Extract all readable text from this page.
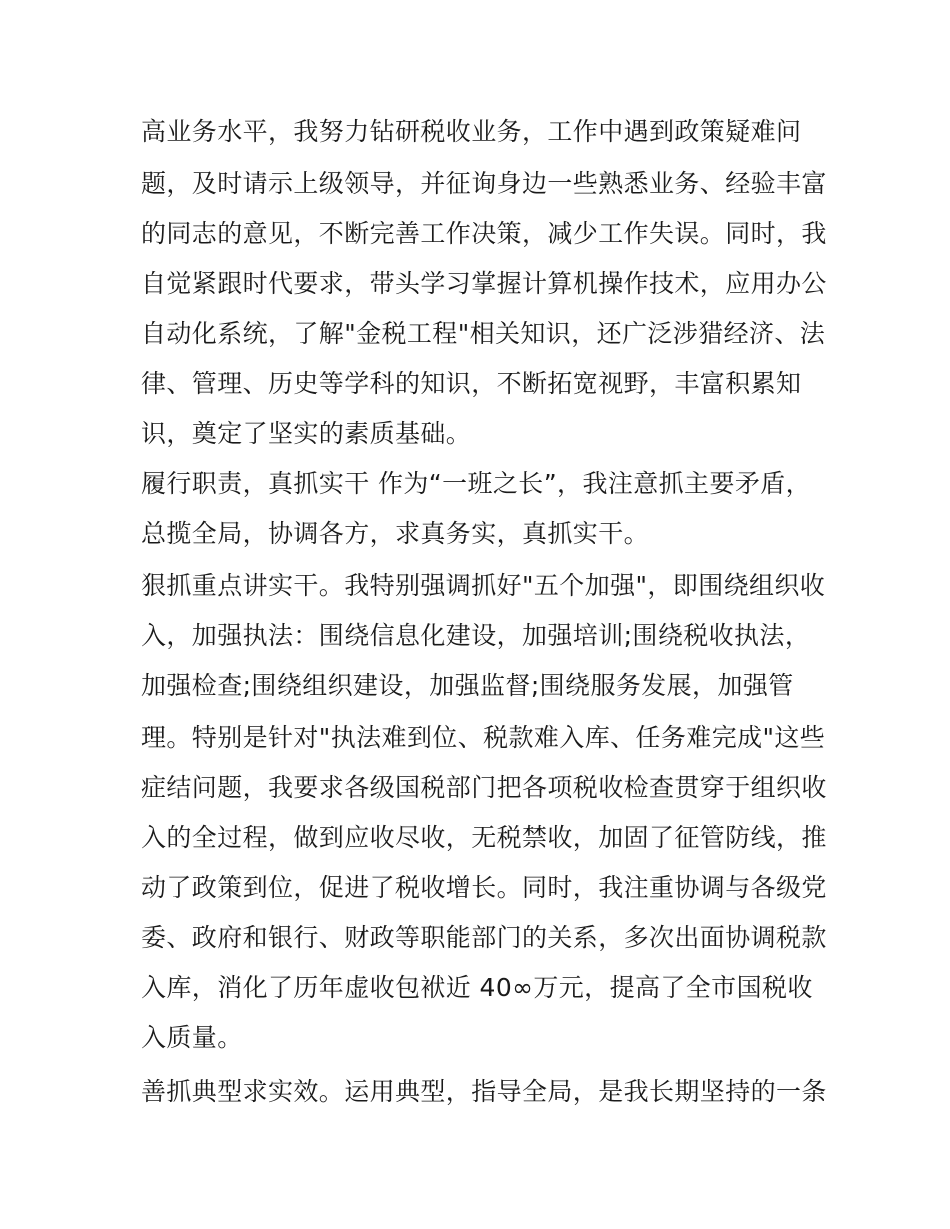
高业务水平，我努力钻研税收业务，工作中遇到政策疑难问
题，及时请示上级领导，并征询身边一些熟悉业务、经验丰富
的同志的意见，不断完善工作决策，减少工作失误。同时，我
自觉紧跟时代要求，带头学习掌握计算机操作技术，应用办公
自动化系统，了解"金税工程"相关知识，还广泛涉猎经济、法
律、管理、历史等学科的知识，不断拓宽视野，丰富积累知
识，奠定了坚实的素质基础。
履行职责，真抓实干 作为“一班之长”，我注意抓主要矛盾，
总揽全局，协调各方，求真务实，真抓实干。
狠抓重点讲实干。我特别强调抓好"五个加强"，即围绕组织收
入，加强执法：围绕信息化建设，加强培训;围绕税收执法，
加强检查;围绕组织建设，加强监督;围绕服务发展，加强管
理。特别是针对"执法难到位、税款难入库、任务难完成"这些
症结问题，我要求各级国税部门把各项税收检查贯穿于组织收
入的全过程，做到应收尽收，无税禁收，加固了征管防线，推
动了政策到位，促进了税收增长。同时，我注重协调与各级党
委、政府和银行、财政等职能部门的关系，多次出面协调税款
入库，消化了历年虚收包袱近 40∞万元，提高了全市国税收
入质量。
善抓典型求实效。运用典型，指导全局，是我长期坚持的一条
